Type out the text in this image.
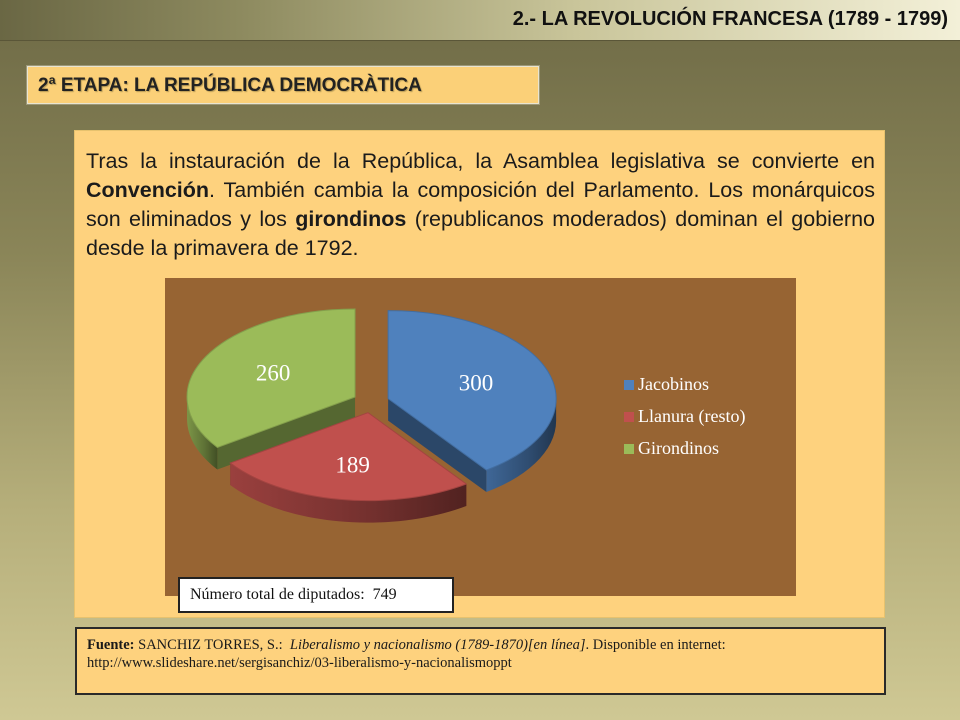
2.- LA REVOLUCIÓN FRANCESA (1789 - 1799)
2ª ETAPA: LA REPÚBLICA DEMOCRÀTICA

Tras la instauración de la República, la Asamblea legislativa se convierte en Convención. También cambia la composición del Parlamento. Los monárquicos son eliminados y los girondinos (republicanos moderados) dominan el gobierno desde la primavera de 1792.

300
189
260	Jacobinos
Llanura (resto)
Girondinos
Número total de diputados: 749
Fuente: SANCHIZ TORRES, S.: Liberalismo y nacionalismo (1789-1870)[en línea]. Disponible en internet:
http://www.slideshare.net/sergisanchiz/03-liberalismo-y-nacionalismoppt
